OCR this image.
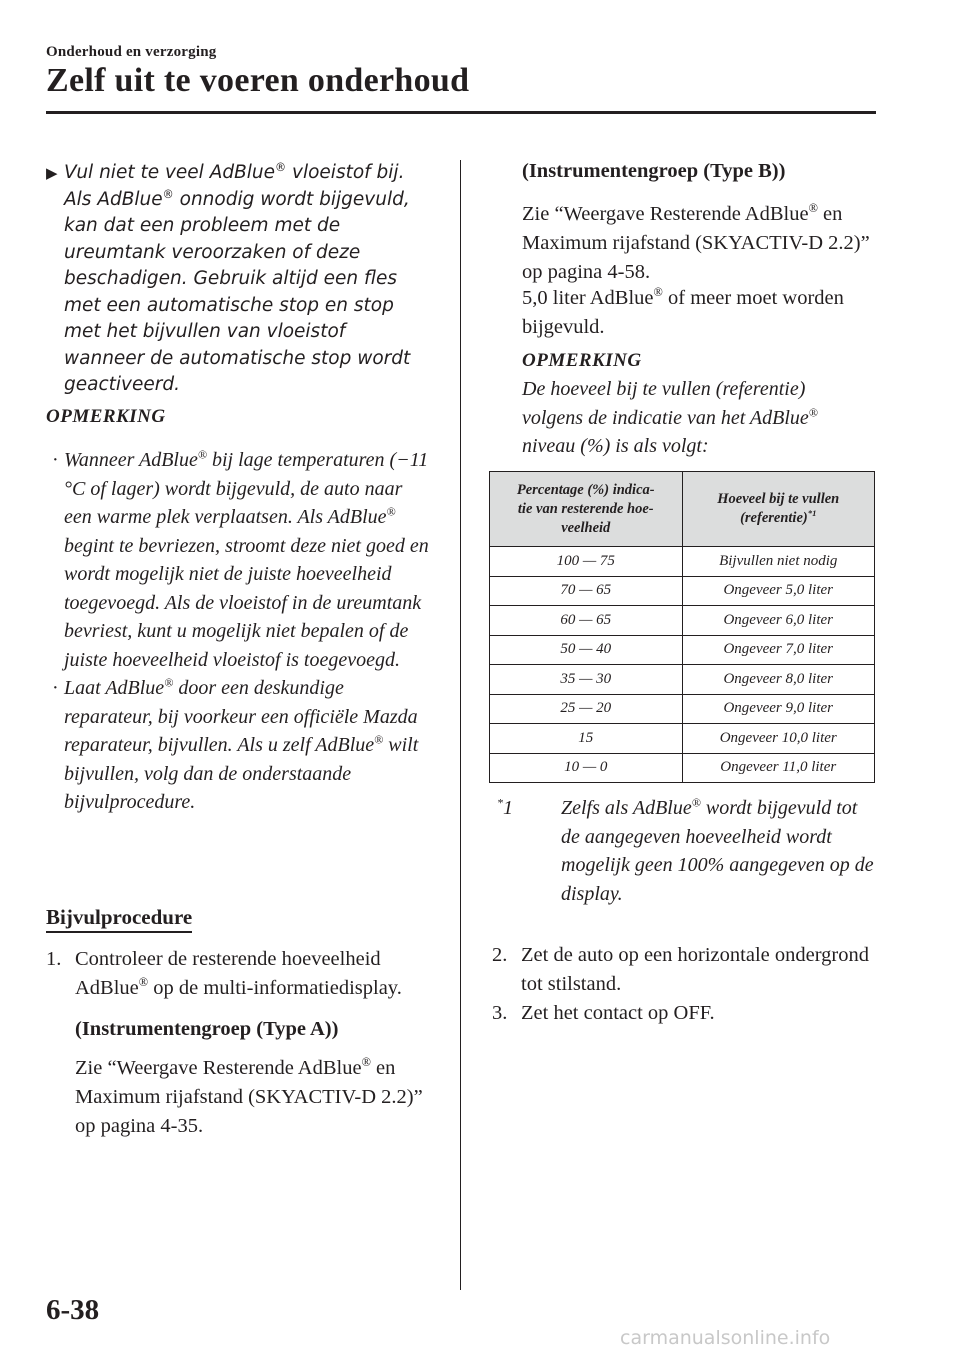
Onderhoud en verzorging
Zelf uit te voeren onderhoud
▶ Vul niet te veel AdBlue® vloeistof bij. Als AdBlue® onnodig wordt bijgevuld, kan dat een probleem met de ureumtank veroorzaken of deze beschadigen. Gebruik altijd een fles met een automatische stop en stop met het bijvullen van vloeistof wanneer de automatische stop wordt geactiveerd.
OPMERKING
· Wanneer AdBlue® bij lage temperaturen (−11 °C of lager) wordt bijgevuld, de auto naar een warme plek verplaatsen. Als AdBlue® begint te bevriezen, stroomt deze niet goed en wordt mogelijk niet de juiste hoeveelheid toegevoegd. Als de vloeistof in de ureumtank bevriest, kunt u mogelijk niet bepalen of de juiste hoeveelheid vloeistof is toegevoegd.
· Laat AdBlue® door een deskundige reparateur, bij voorkeur een officiële Mazda reparateur, bijvullen. Als u zelf AdBlue® wilt bijvullen, volg dan de onderstaande bijvulprocedure.
Bijvulprocedure
1. Controleer de resterende hoeveelheid AdBlue® op de multi-informatiedisplay.
(Instrumentengroep (Type A))
Zie “Weergave Resterende AdBlue® en Maximum rijafstand (SKYACTIV-D 2.2)” op pagina 4-35.
(Instrumentengroep (Type B))
Zie “Weergave Resterende AdBlue® en Maximum rijafstand (SKYACTIV-D 2.2)” op pagina 4-58.
5,0 liter AdBlue® of meer moet worden bijgevuld.
OPMERKING
De hoeveel bij te vullen (referentie) volgens de indicatie van het AdBlue® niveau (%) is als volgt:
Percentage (%) indica-
tie van resterende hoe-
veelheid	Hoeveel bij te vullen
(referentie)$^{*1}$
100 — 75	Bijvullen niet nodig
70 — 65	Ongeveer 5,0 liter
60 — 65	Ongeveer 6,0 liter
50 — 40	Ongeveer 7,0 liter
35 — 30	Ongeveer 8,0 liter
25 — 20	Ongeveer 9,0 liter
15	Ongeveer 10,0 liter
10 — 0	Ongeveer 11,0 liter
*1	Zelfs als AdBlue® wordt bijgevuld tot de aangegeven hoeveelheid wordt mogelijk geen 100% aangegeven op de display.
2. Zet de auto op een horizontale ondergrond tot stilstand.
3. Zet het contact op OFF.
6-38
carmanualsonline.info
